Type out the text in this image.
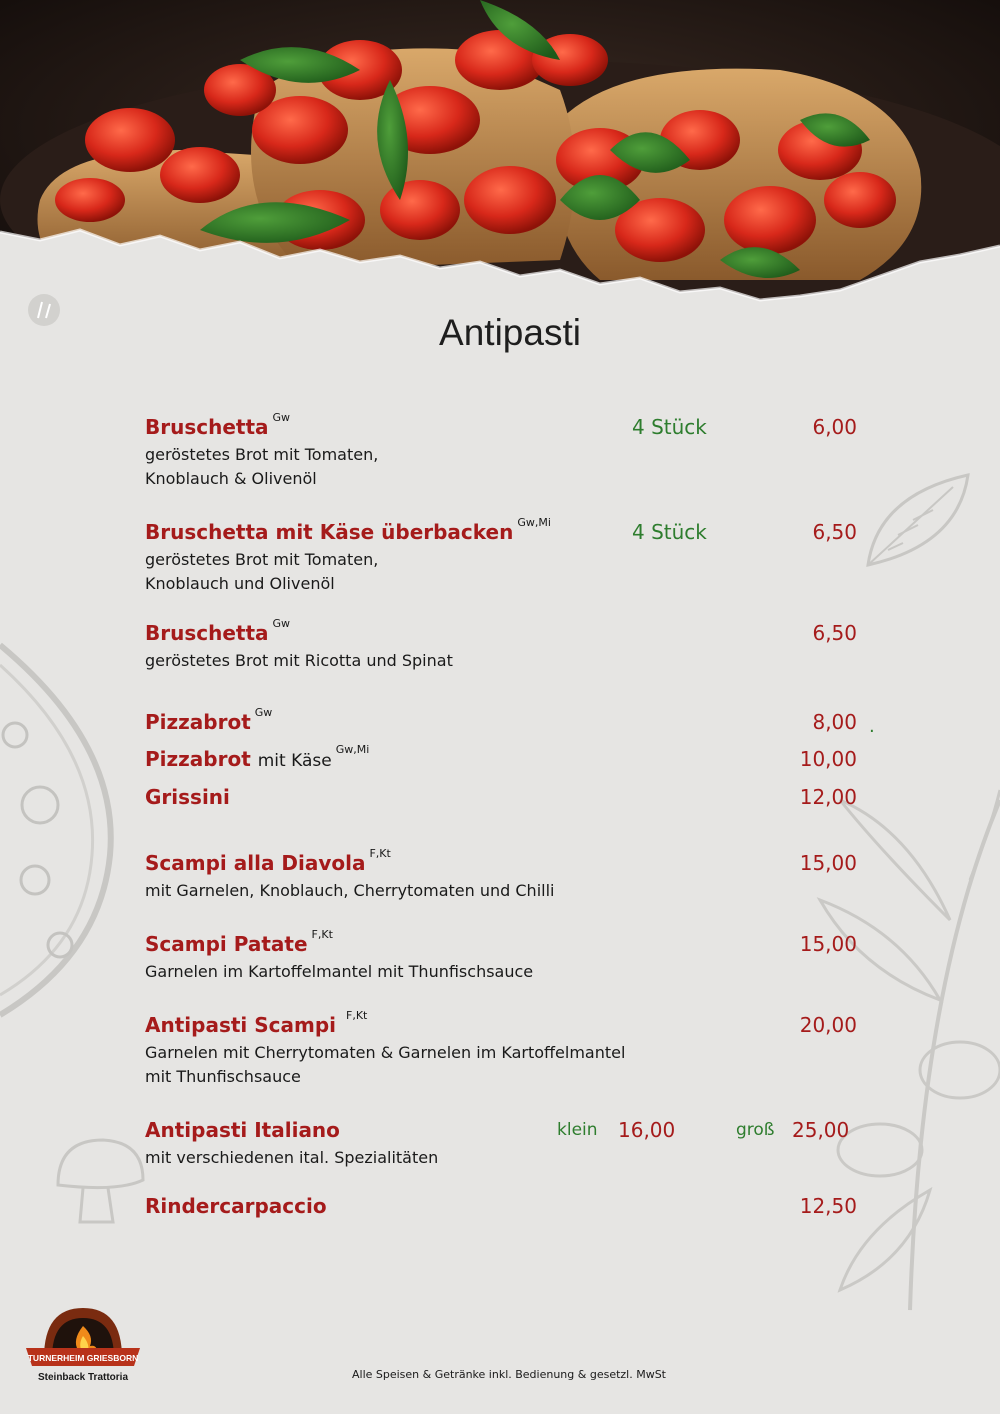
Antipasti
Bruschetta $^{Gw}$	4 Stück	6,00
geröstetes Brot mit Tomaten,
Knoblauch & Olivenöl
Bruschetta mit Käse überbacken $^{Gw,Mi}$	4 Stück	6,50
geröstetes Brot mit Tomaten,
Knoblauch und Olivenöl
Bruschetta $^{Gw}$	6,50
geröstetes Brot mit Ricotta und Spinat
Pizzabrot $^{Gw}$	8,00 .
Pizzabrot mit Käse$^{Gw,Mi}$	10,00
Grissini	12,00
Scampi alla Diavola $^{F,Kt}$	15,00
mit Garnelen, Knoblauch, Cherrytomaten und Chilli
Scampi Patate $^{F,Kt}$	15,00
Garnelen im Kartoffelmantel mit Thunfischsauce
Antipasti Scampi $^{F,Kt}$	20,00
Garnelen mit Cherrytomaten & Garnelen im Kartoffelmantel
mit Thunfischsauce
Antipasti Italiano	klein 16,00	groß 25,00
mit verschiedenen ital. Spezialitäten
Rindercarpaccio	12,50
TURNERHEIM GRIESBORN
Steinback Trattoria	Alle Speisen & Getränke inkl. Bedienung & gesetzl. MwSt
